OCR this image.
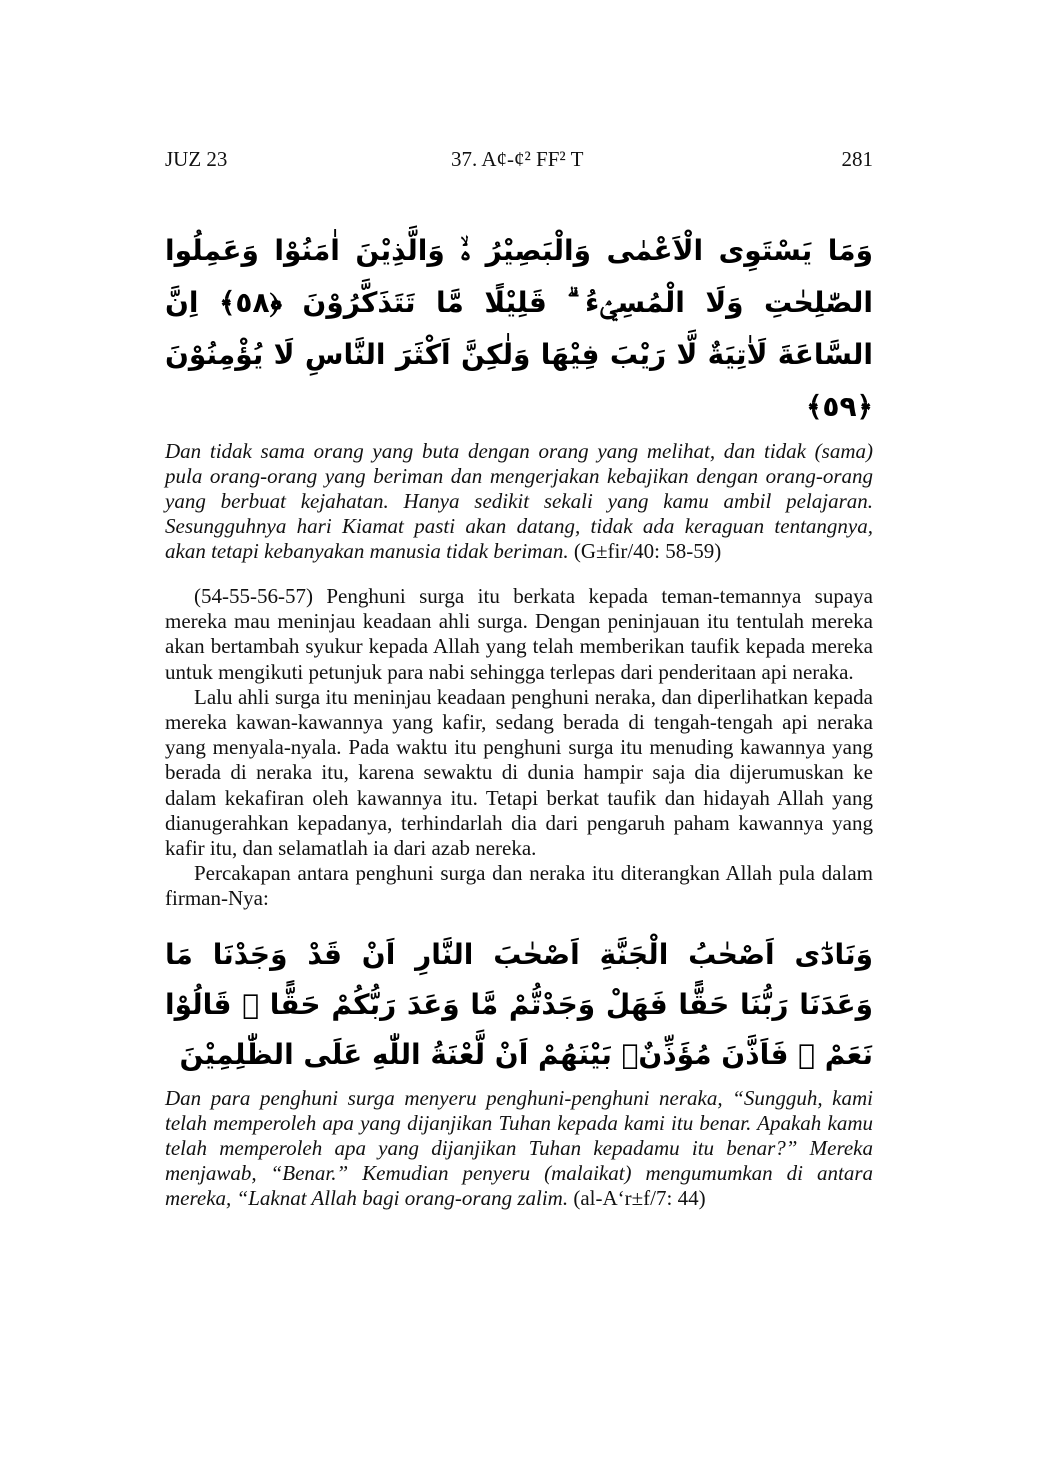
JUZ 23	37. A¢-¢² FF² T	281
وَمَا يَسْتَوِى الْاَعْمٰى وَالْبَصِيْرُ ەۙ وَالَّذِيْنَ اٰمَنُوْا وَعَمِلُوا الصّٰلِحٰتِ وَلَا الْمُسِيْۤءُ ۗ قَلِيْلًا مَّا تَتَذَكَّرُوْنَ ﴿٥٨﴾ اِنَّ السَّاعَةَ لَاٰتِيَةٌ لَّا رَيْبَ فِيْهَا وَلٰكِنَّ اَكْثَرَ النَّاسِ لَا يُؤْمِنُوْنَ ﴿٥٩﴾
Dan tidak sama orang yang buta dengan orang yang melihat, dan tidak (sama) pula orang-orang yang beriman dan mengerjakan kebajikan dengan orang-orang yang berbuat kejahatan. Hanya sedikit sekali yang kamu ambil pelajaran. Sesungguhnya hari Kiamat pasti akan datang, tidak ada keraguan tentangnya, akan tetapi kebanyakan manusia tidak beriman. (G±fir/40: 58-59)

(54-55-56-57) Penghuni surga itu berkata kepada teman-temannya supaya mereka mau meninjau keadaan ahli surga. Dengan peninjauan itu tentulah mereka akan bertambah syukur kepada Allah yang telah memberikan taufik kepada mereka untuk mengikuti petunjuk para nabi sehingga terlepas dari penderitaan api neraka.

Lalu ahli surga itu meninjau keadaan penghuni neraka, dan diperlihatkan kepada mereka kawan-kawannya yang kafir, sedang berada di tengah-tengah api neraka yang menyala-nyala. Pada waktu itu penghuni surga itu menuding kawannya yang berada di neraka itu, karena sewaktu di dunia hampir saja dia dijerumuskan ke dalam kekafiran oleh kawannya itu. Tetapi berkat taufik dan hidayah Allah yang dianugerahkan kepadanya, terhindarlah dia dari pengaruh paham kawannya yang kafir itu, dan selamatlah ia dari azab nereka.

Percakapan antara penghuni surga dan neraka itu diterangkan Allah pula dalam firman-Nya:

وَنَادٰٓى اَصْحٰبُ الْجَنَّةِ اَصْحٰبَ النَّارِ اَنْ قَدْ وَجَدْنَا مَا وَعَدَنَا رَبُّنَا حَقًّا فَهَلْ وَجَدْتُّمْ مَّا وَعَدَ رَبُّكُمْ حَقًّا ۗ قَالُوْا نَعَمْ ۚ فَاَذَّنَ مُؤَذِّنٌۢ بَيْنَهُمْ اَنْ لَّعْنَةُ اللّٰهِ عَلَى الظّٰلِمِيْنَ
Dan para penghuni surga menyeru penghuni-penghuni neraka, “Sungguh, kami telah memperoleh apa yang dijanjikan Tuhan kepada kami itu benar. Apakah kamu telah memperoleh apa yang dijanjikan Tuhan kepadamu itu benar?” Mereka menjawab, “Benar.” Kemudian penyeru (malaikat) mengumumkan di antara mereka, “Laknat Allah bagi orang-orang zalim. (al-A‘r±f/7: 44)
